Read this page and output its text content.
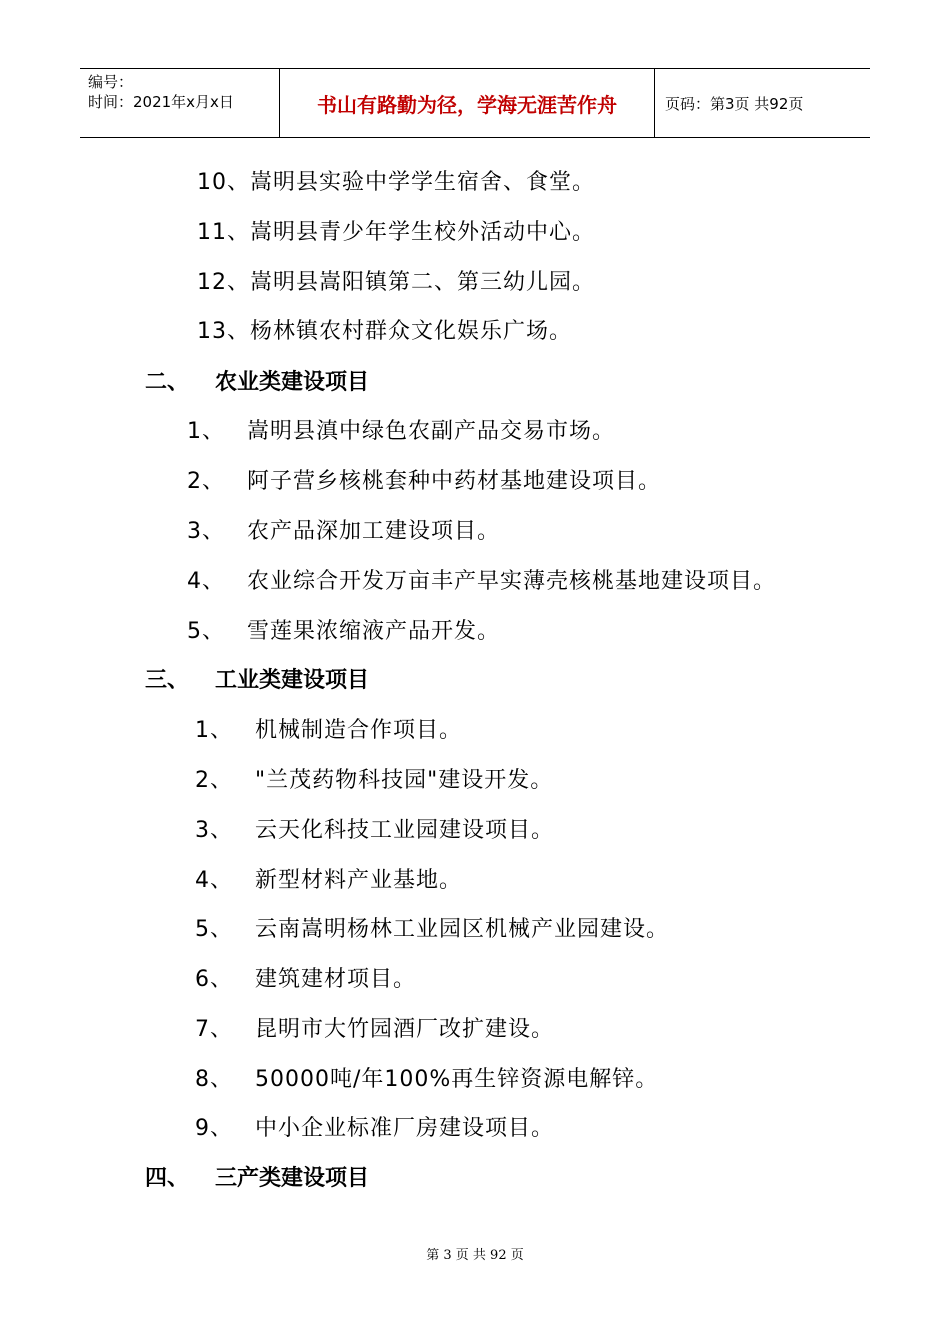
编号：
时间：2021年x月x日	书山有路勤为径，学海无涯苦作舟	页码：第3页 共92页
10、嵩明县实验中学学生宿舍、食堂。
11、嵩明县青少年学生校外活动中心。
12、嵩明县嵩阳镇第二、第三幼儿园。
13、杨林镇农村群众文化娱乐广场。
二、 农业类建设项目
1、 嵩明县滇中绿色农副产品交易市场。
2、 阿子营乡核桃套种中药材基地建设项目。
3、 农产品深加工建设项目。
4、 农业综合开发万亩丰产早实薄壳核桃基地建设项目。
5、 雪莲果浓缩液产品开发。
三、 工业类建设项目
1、 机械制造合作项目。
2、 "兰茂药物科技园"建设开发。
3、 云天化科技工业园建设项目。
4、 新型材料产业基地。
5、 云南嵩明杨林工业园区机械产业园建设。
6、 建筑建材项目。
7、 昆明市大竹园酒厂改扩建设。
8、 50000吨/年100%再生锌资源电解锌。
9、 中小企业标准厂房建设项目。
四、 三产类建设项目
第 3 页 共 92 页
